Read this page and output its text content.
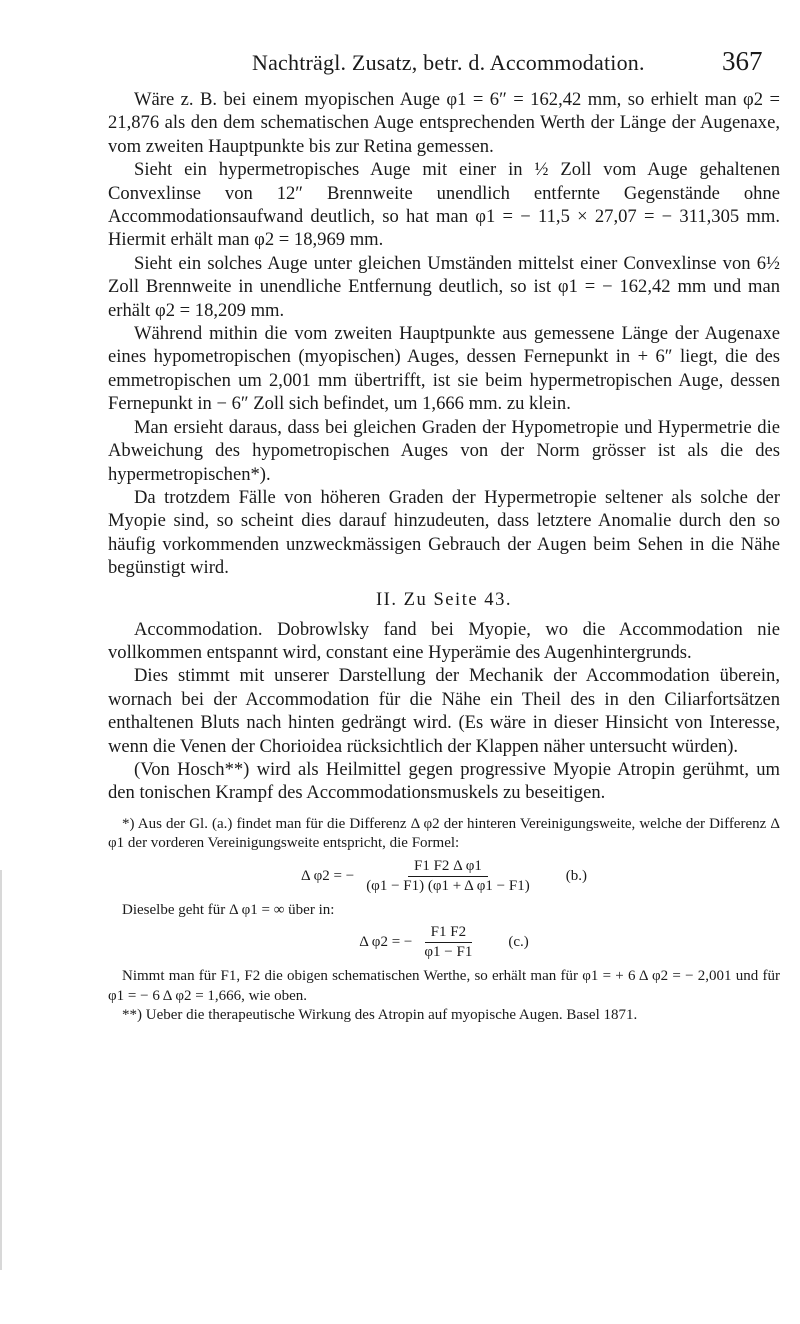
Nachträgl. Zusatz, betr. d. Accommodation.	367

Wäre z. B. bei einem myopischen Auge φ1 = 6″ = 162,42 mm, so erhielt man φ2 = 21,876 als den dem schematischen Auge entsprechenden Werth der Länge der Augenaxe, vom zweiten Hauptpunkte bis zur Retina gemessen.

Sieht ein hypermetropisches Auge mit einer in ½ Zoll vom Auge gehaltenen Convexlinse von 12″ Brennweite unendlich entfernte Gegenstände ohne Accommodationsaufwand deutlich, so hat man φ1 = − 11,5 × 27,07 = − 311,305 mm. Hiermit erhält man φ2 = 18,969 mm.

Sieht ein solches Auge unter gleichen Umständen mittelst einer Convexlinse von 6½ Zoll Brennweite in unendliche Entfernung deutlich, so ist φ1 = − 162,42 mm und man erhält φ2 = 18,209 mm.

Während mithin die vom zweiten Hauptpunkte aus gemessene Länge der Augenaxe eines hypometropischen (myopischen) Auges, dessen Fernepunkt in + 6″ liegt, die des emmetropischen um 2,001 mm übertrifft, ist sie beim hypermetropischen Auge, dessen Fernepunkt in − 6″ Zoll sich befindet, um 1,666 mm. zu klein.

Man ersieht daraus, dass bei gleichen Graden der Hypometropie und Hypermetrie die Abweichung des hypometropischen Auges von der Norm grösser ist als die des hypermetropischen*).

Da trotzdem Fälle von höheren Graden der Hypermetropie seltener als solche der Myopie sind, so scheint dies darauf hinzudeuten, dass letztere Anomalie durch den so häufig vorkommenden unzweckmässigen Gebrauch der Augen beim Sehen in die Nähe begünstigt wird.

II. Zu Seite 43.

Accommodation. Dobrowlsky fand bei Myopie, wo die Accommodation nie vollkommen entspannt wird, constant eine Hyperämie des Augenhintergrunds.

Dies stimmt mit unserer Darstellung der Mechanik der Accommodation überein, wornach bei der Accommodation für die Nähe ein Theil des in den Ciliarfortsätzen enthaltenen Bluts nach hinten gedrängt wird. (Es wäre in dieser Hinsicht von Interesse, wenn die Venen der Chorioidea rücksichtlich der Klappen näher untersucht würden).

(Von Hosch**) wird als Heilmittel gegen progressive Myopie Atropin gerühmt, um den tonischen Krampf des Accommodationsmuskels zu beseitigen.

*) Aus der Gl. (a.) findet man für die Differenz Δ φ2 der hinteren Vereinigungsweite, welche der Differenz Δ φ1 der vorderen Vereinigungsweite entspricht, die Formel:

Δ φ2 = − $\frac{\text{F1 F2 Δ φ1}}{\text{(φ1 − F1) (φ1 + Δ φ1 − F1)}} (b.)$

Dieselbe geht für Δ φ1 = ∞ über in:

Δ φ2 = − $\frac{F1 F2}{\varphi 1 - F1} (c.)$

Nimmt man für F1, F2 die obigen schematischen Werthe, so erhält man für φ1 = + 6 Δ φ2 = − 2,001 und für φ1 = − 6 Δ φ2 = 1,666, wie oben.

**) Ueber die therapeutische Wirkung des Atropin auf myopische Augen. Basel 1871.
